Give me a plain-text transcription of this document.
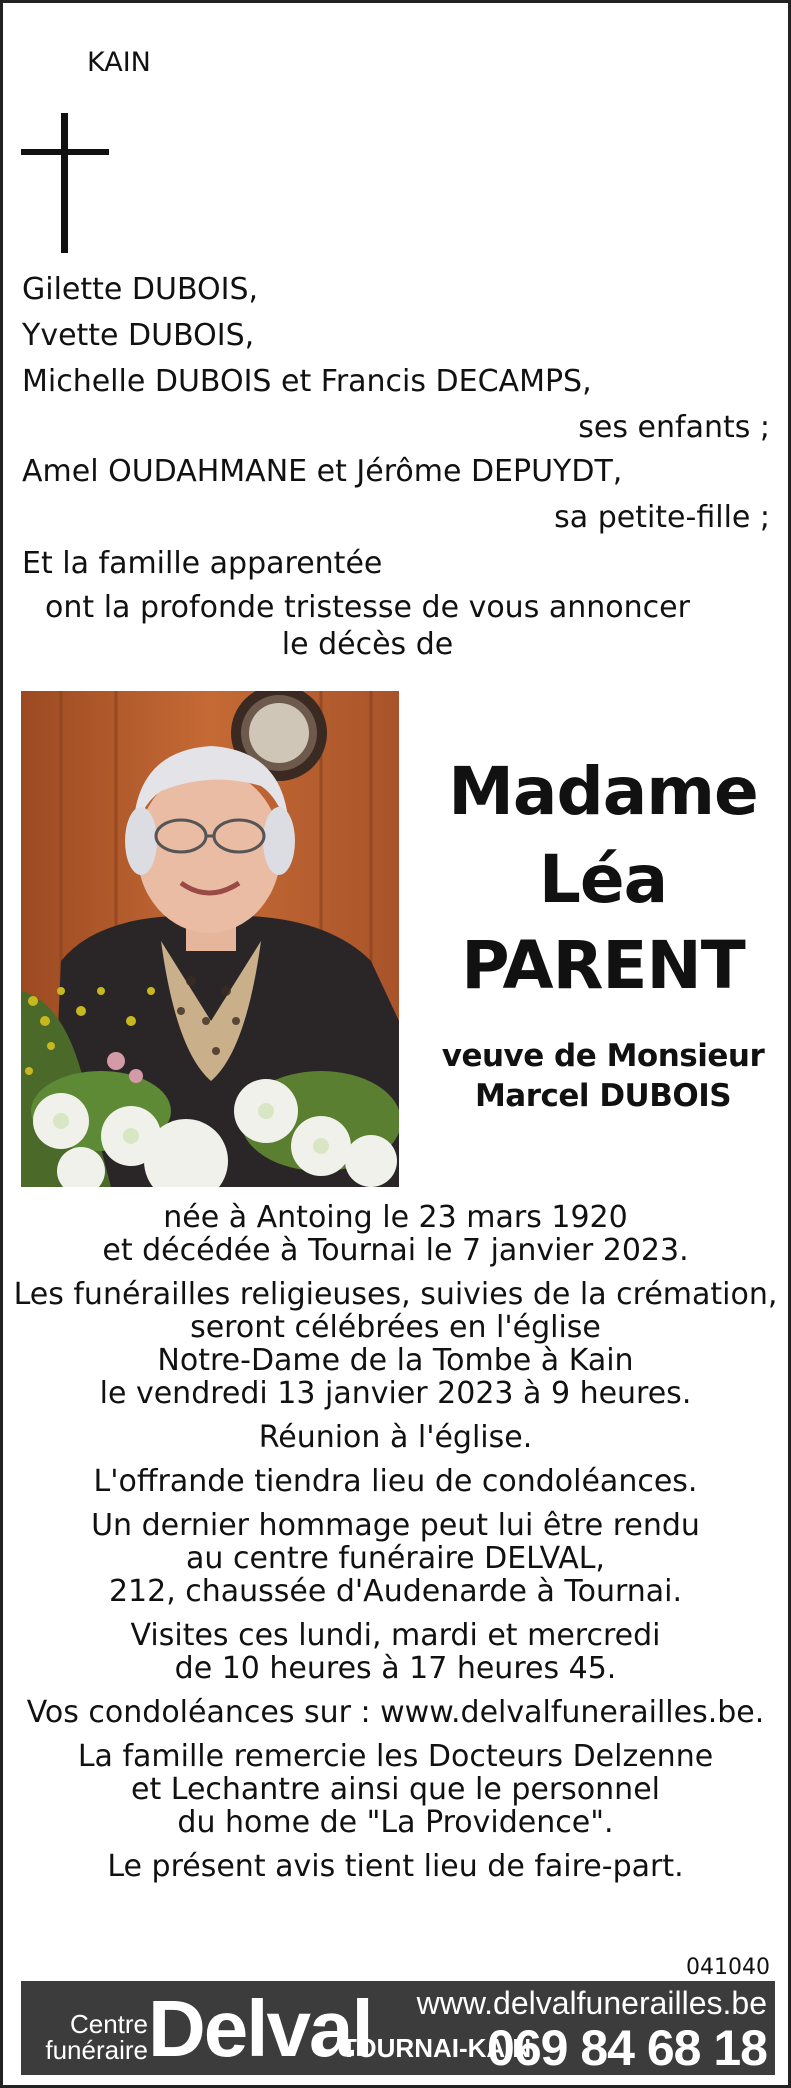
KAIN
Gilette DUBOIS,
Yvette DUBOIS,
Michelle DUBOIS et Francis DECAMPS,
ses enfants ;
Amel OUDAHMANE et Jérôme DEPUYDT,
sa petite-fille ;
Et la famille apparentée
ont la profonde tristesse de vous annoncer
le décès de
Madame
Léa
PARENT
veuve de Monsieur
Marcel DUBOIS

née à Antoing le 23 mars 1920

et décédée à Tournai le 7 janvier 2023.

Les funérailles religieuses, suivies de la crémation,

seront célébrées en l'église

Notre-Dame de la Tombe à Kain

le vendredi 13 janvier 2023 à 9 heures.

Réunion à l'église.

L'offrande tiendra lieu de condoléances.

Un dernier hommage peut lui être rendu

au centre funéraire DELVAL,

212, chaussée d'Audenarde à Tournai.

Visites ces lundi, mardi et mercredi

de 10 heures à 17 heures 45.

Vos condoléances sur : www.delvalfunerailles.be.

La famille remercie les Docteurs Delzenne

et Lechantre ainsi que le personnel

du home de "La Providence".

Le présent avis tient lieu de faire-part.

041040
Centre
funéraire Delval www.delvalfunerailles.be
TOURNAI-KAIN
069 84 68 18
